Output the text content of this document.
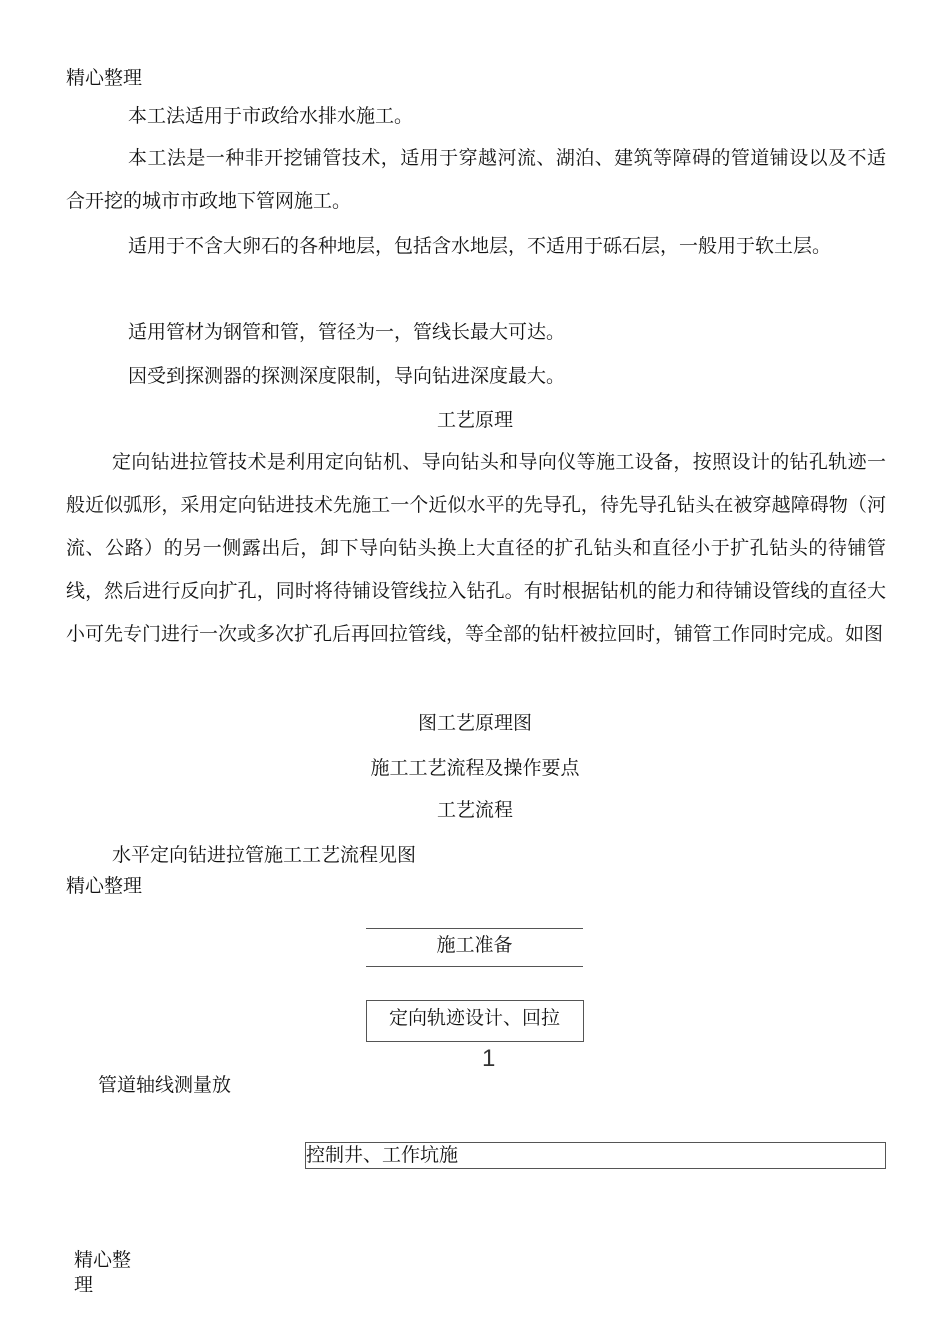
精心整理

本工法适用于市政给水排水施工。

本工法是一种非开挖铺管技术，适用于穿越河流、湖泊、建筑等障碍的管道铺设以及不适合开挖的城市市政地下管网施工。

适用于不含大卵石的各种地层，包括含水地层，不适用于砾石层，一般用于软土层。

适用管材为钢管和管，管径为一，管线长最大可达。

因受到探测器的探测深度限制，导向钻进深度最大。

工艺原理

定向钻进拉管技术是利用定向钻机、导向钻头和导向仪等施工设备，按照设计的钻孔轨迹一般近似弧形，采用定向钻进技术先施工一个近似水平的先导孔，待先导孔钻头在被穿越障碍物（河流、公路）的另一侧露出后，卸下导向钻头换上大直径的扩孔钻头和直径小于扩孔钻头的待铺管线，然后进行反向扩孔，同时将待铺设管线拉入钻孔。有时根据钻机的能力和待铺设管线的直径大小可先专门进行一次或多次扩孔后再回拉管线，等全部的钻杆被拉回时，铺管工作同时完成。如图

图工艺原理图

施工工艺流程及操作要点

工艺流程

水平定向钻进拉管施工工艺流程见图

精心整理

施工准备
定向轨迹设计、回拉
1

管道轴线测量放

控制井、工作坑施

精心整

理
